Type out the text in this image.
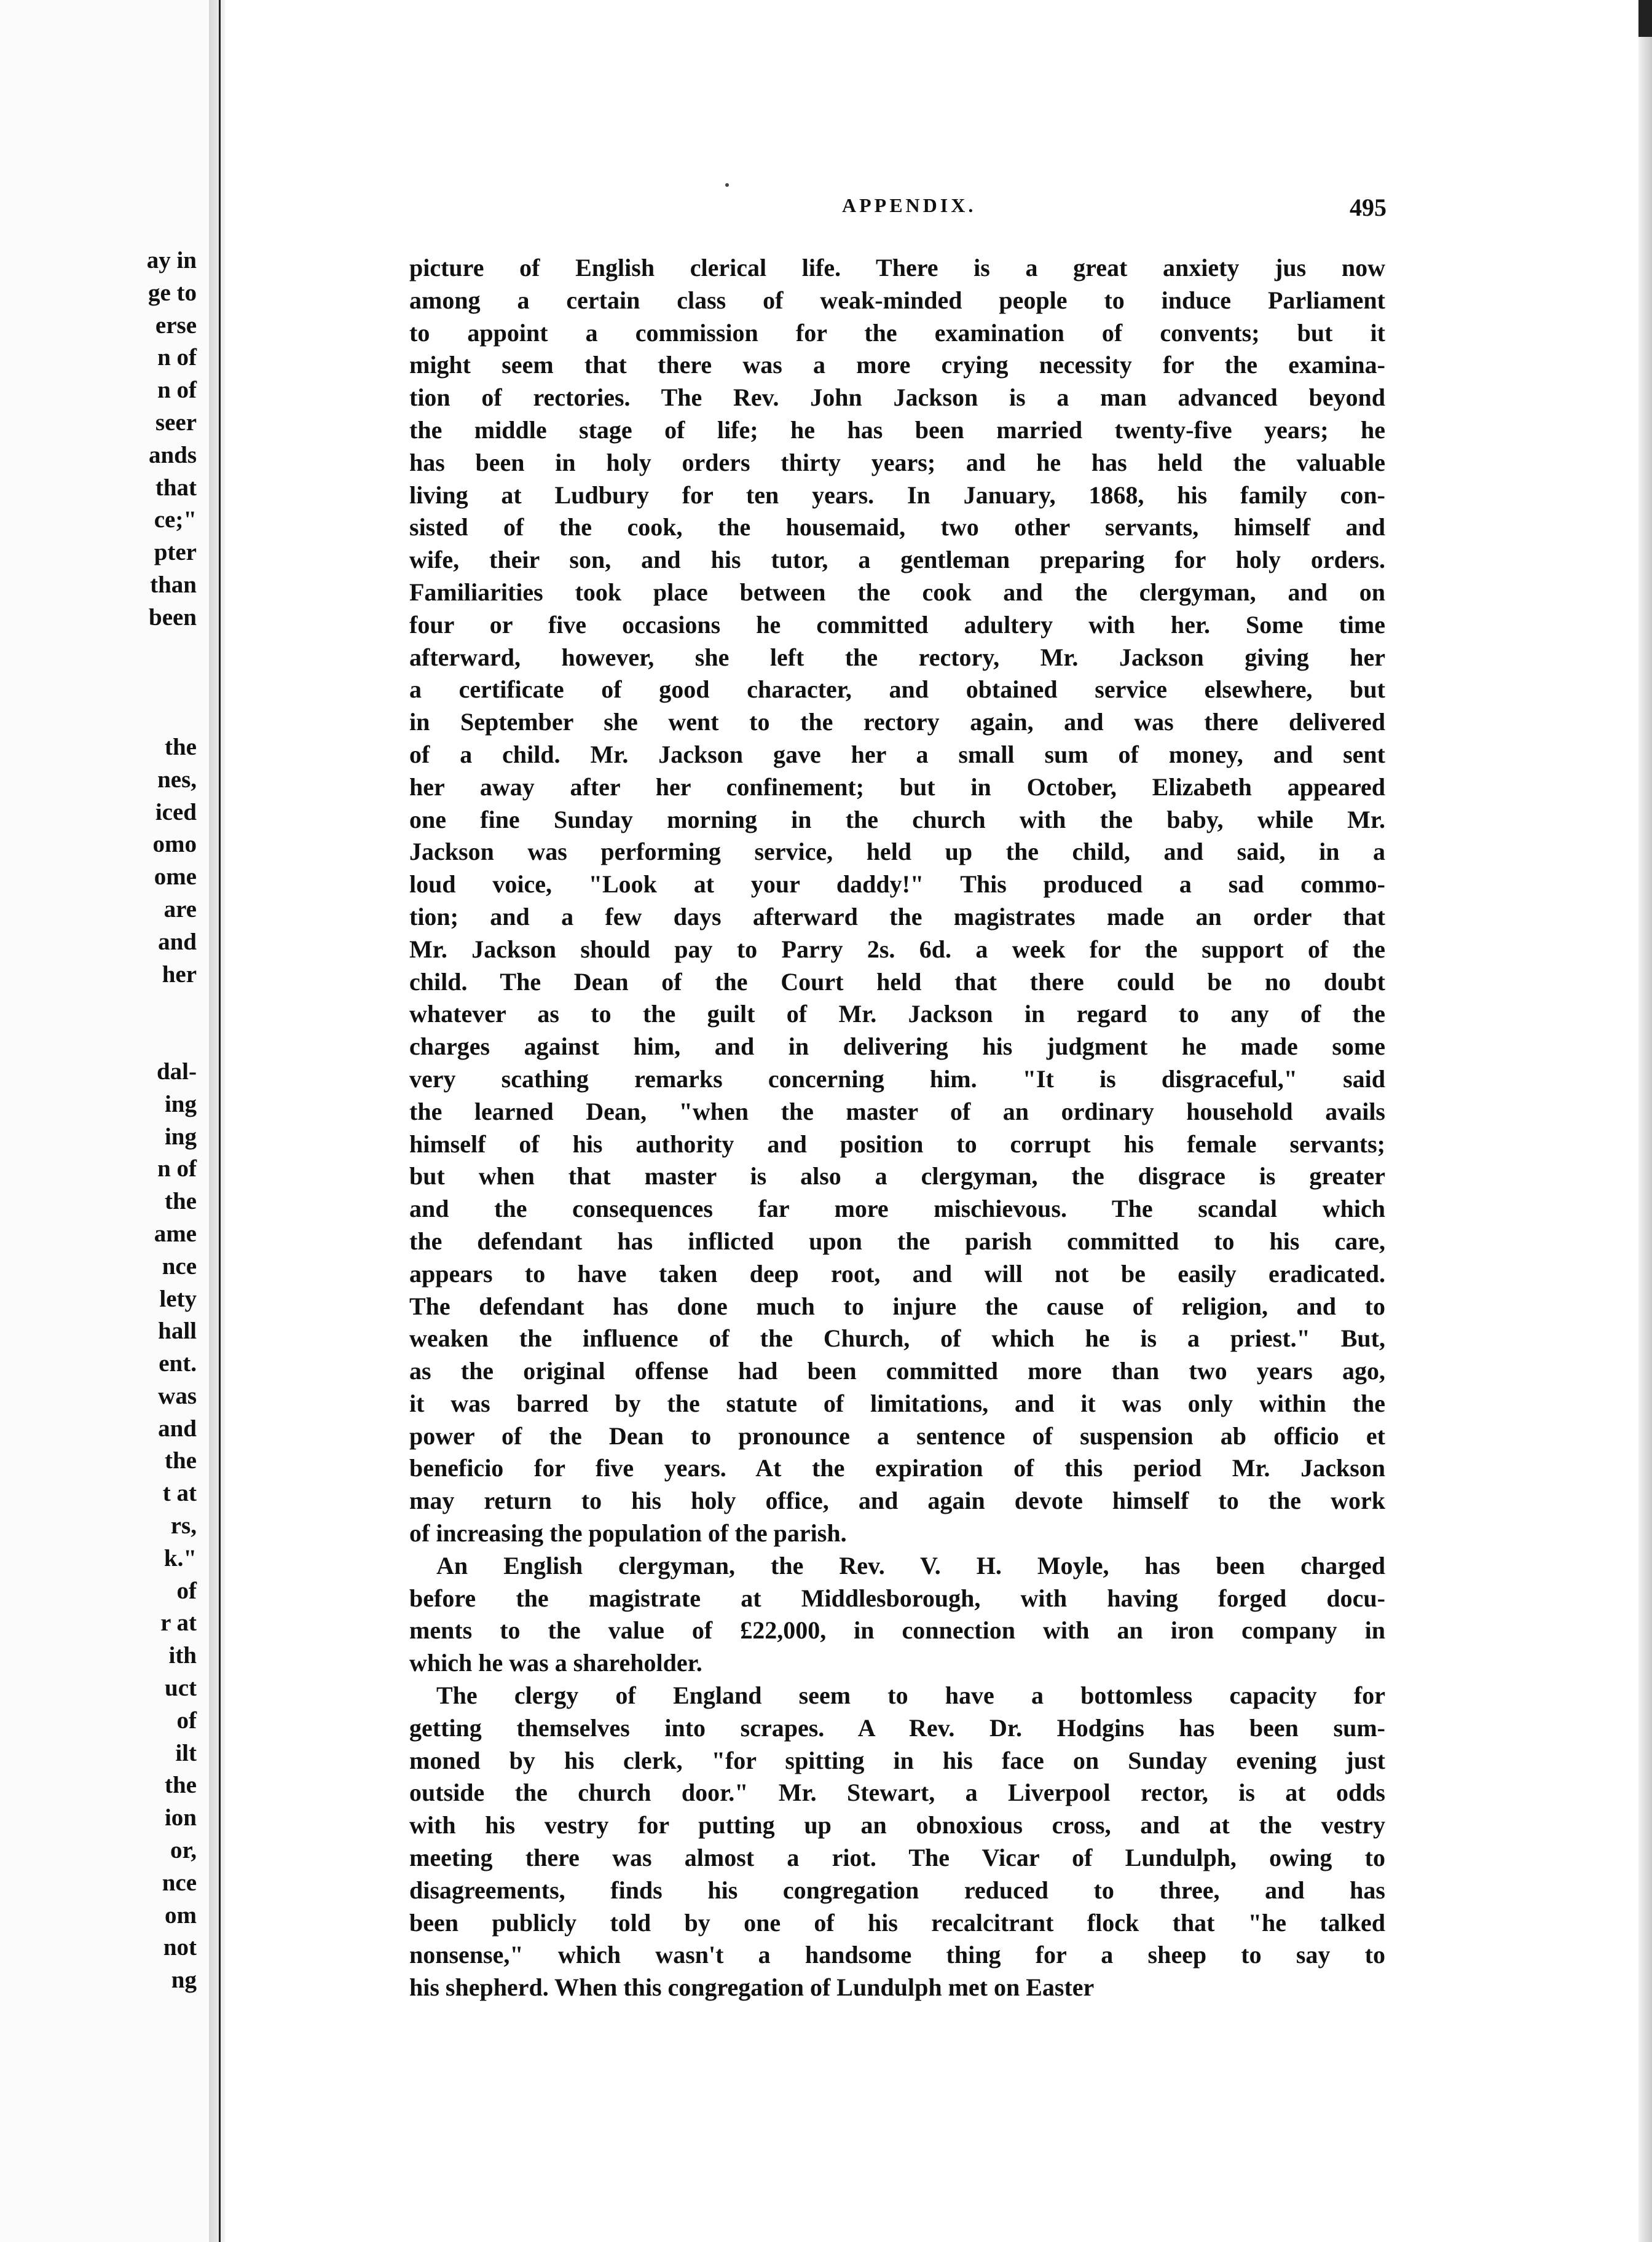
ay in
ge to
erse
n of
n of
seer
ands
that
ce;"
pter
than
been
the
nes,
iced
omo
ome
are
and
her
dal-
ing
ing
n of
the
ame
nce
lety
hall
ent.
was
and
the
t at
rs,
k."
of
r at
ith
uct
of
ilt
the
ion
or,
nce
om
not
ng
APPENDIX.	495
picture of English clerical life. There is a great anxiety jus now
among a certain class of weak-minded people to induce Parliament
to appoint a commission for the examination of convents; but it
might seem that there was a more crying necessity for the examina-
tion of rectories. The Rev. John Jackson is a man advanced beyond
the middle stage of life; he has been married twenty-five years; he
has been in holy orders thirty years; and he has held the valuable
living at Ludbury for ten years. In January, 1868, his family con-
sisted of the cook, the housemaid, two other servants, himself and
wife, their son, and his tutor, a gentleman preparing for holy orders.
Familiarities took place between the cook and the clergyman, and on
four or five occasions he committed adultery with her. Some time
afterward, however, she left the rectory, Mr. Jackson giving her
a certificate of good character, and obtained service elsewhere, but
in September she went to the rectory again, and was there delivered
of a child. Mr. Jackson gave her a small sum of money, and sent
her away after her confinement; but in October, Elizabeth appeared
one fine Sunday morning in the church with the baby, while Mr.
Jackson was performing service, held up the child, and said, in a
loud voice, "Look at your daddy!" This produced a sad commo-
tion; and a few days afterward the magistrates made an order that
Mr. Jackson should pay to Parry 2s. 6d. a week for the support of the
child. The Dean of the Court held that there could be no doubt
whatever as to the guilt of Mr. Jackson in regard to any of the
charges against him, and in delivering his judgment he made some
very scathing remarks concerning him. "It is disgraceful," said
the learned Dean, "when the master of an ordinary household avails
himself of his authority and position to corrupt his female servants;
but when that master is also a clergyman, the disgrace is greater
and the consequences far more mischievous. The scandal which
the defendant has inflicted upon the parish committed to his care,
appears to have taken deep root, and will not be easily eradicated.
The defendant has done much to injure the cause of religion, and to
weaken the influence of the Church, of which he is a priest." But,
as the original offense had been committed more than two years ago,
it was barred by the statute of limitations, and it was only within the
power of the Dean to pronounce a sentence of suspension ab officio et
beneficio for five years. At the expiration of this period Mr. Jackson
may return to his holy office, and again devote himself to the work
of increasing the population of the parish.
An English clergyman, the Rev. V. H. Moyle, has been charged
before the magistrate at Middlesborough, with having forged docu-
ments to the value of £22,000, in connection with an iron company in
which he was a shareholder.
The clergy of England seem to have a bottomless capacity for
getting themselves into scrapes. A Rev. Dr. Hodgins has been sum-
moned by his clerk, "for spitting in his face on Sunday evening just
outside the church door." Mr. Stewart, a Liverpool rector, is at odds
with his vestry for putting up an obnoxious cross, and at the vestry
meeting there was almost a riot. The Vicar of Lundulph, owing to
disagreements, finds his congregation reduced to three, and has
been publicly told by one of his recalcitrant flock that "he talked
nonsense," which wasn't a handsome thing for a sheep to say to
his shepherd. When this congregation of Lundulph met on Easter
